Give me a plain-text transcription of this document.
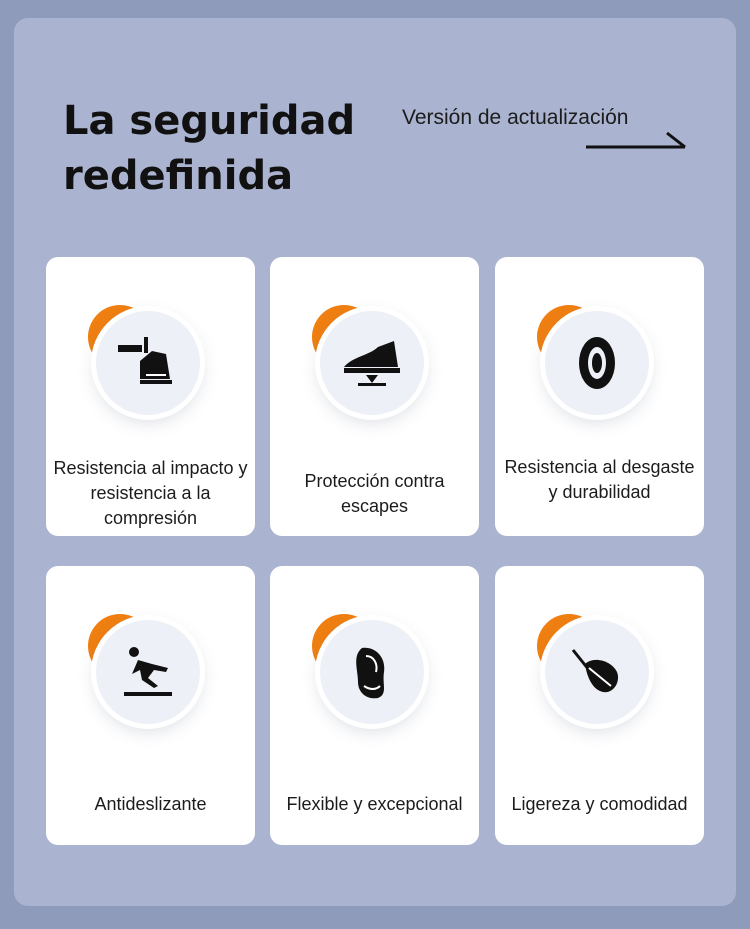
La seguridad
redefinida
Versión de actualización
Resistencia al impacto y resistencia a la compresión
Protección contra escapes
Resistencia al desgaste y durabilidad
Antideslizante	Flexible y excepcional	Ligereza y comodidad
